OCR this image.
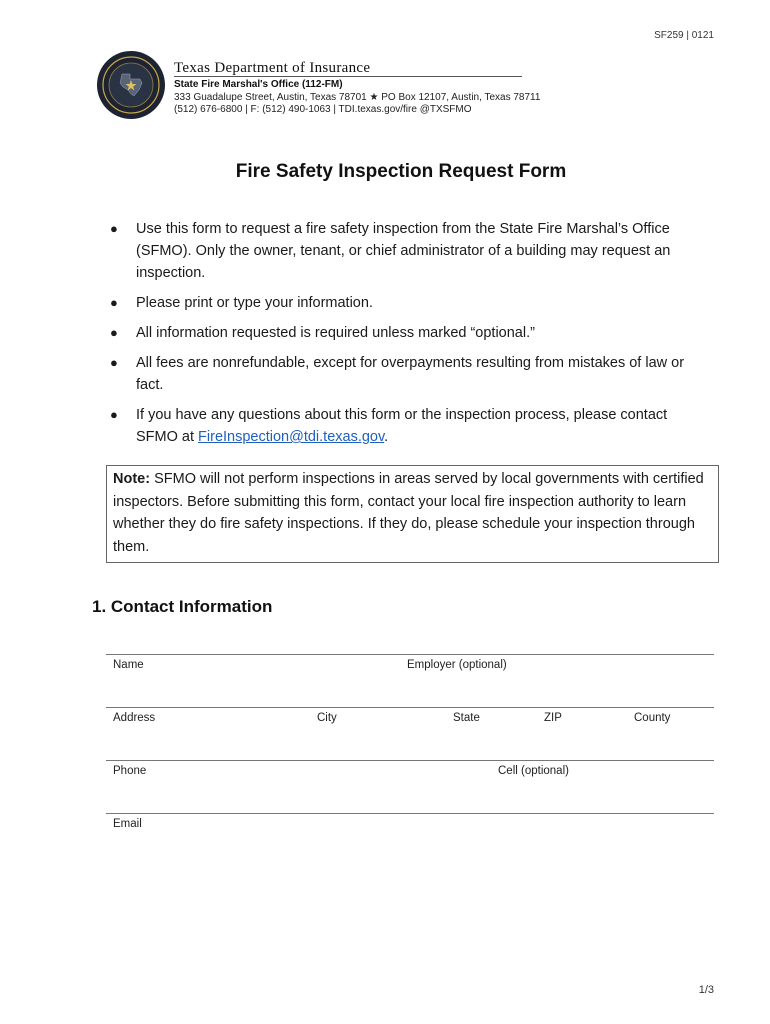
SF259 | 0121
Texas Department of Insurance
State Fire Marshal's Office (112-FM)
333 Guadalupe Street, Austin, Texas 78701 ★ PO Box 12107, Austin, Texas 78711
(512) 676-6800 | F: (512) 490-1063 | TDI.texas.gov/fire @TXSFMO
Fire Safety Inspection Request Form
● Use this form to request a fire safety inspection from the State Fire Marshal’s Office (SFMO). Only the owner, tenant, or chief administrator of a building may request an inspection.
● Please print or type your information.
● All information requested is required unless marked “optional.”
● All fees are nonrefundable, except for overpayments resulting from mistakes of law or fact.
● If you have any questions about this form or the inspection process, please contact SFMO at FireInspection@tdi.texas.gov.
Note: SFMO will not perform inspections in areas served by local governments with certified inspectors. Before submitting this form, contact your local fire inspection authority to learn whether they do fire safety inspections. If they do, please schedule your inspection through them.
1. Contact Information
Name	Employer (optional)
Address	City	State	ZIP	County
Phone	Cell (optional)
Email
1/3
